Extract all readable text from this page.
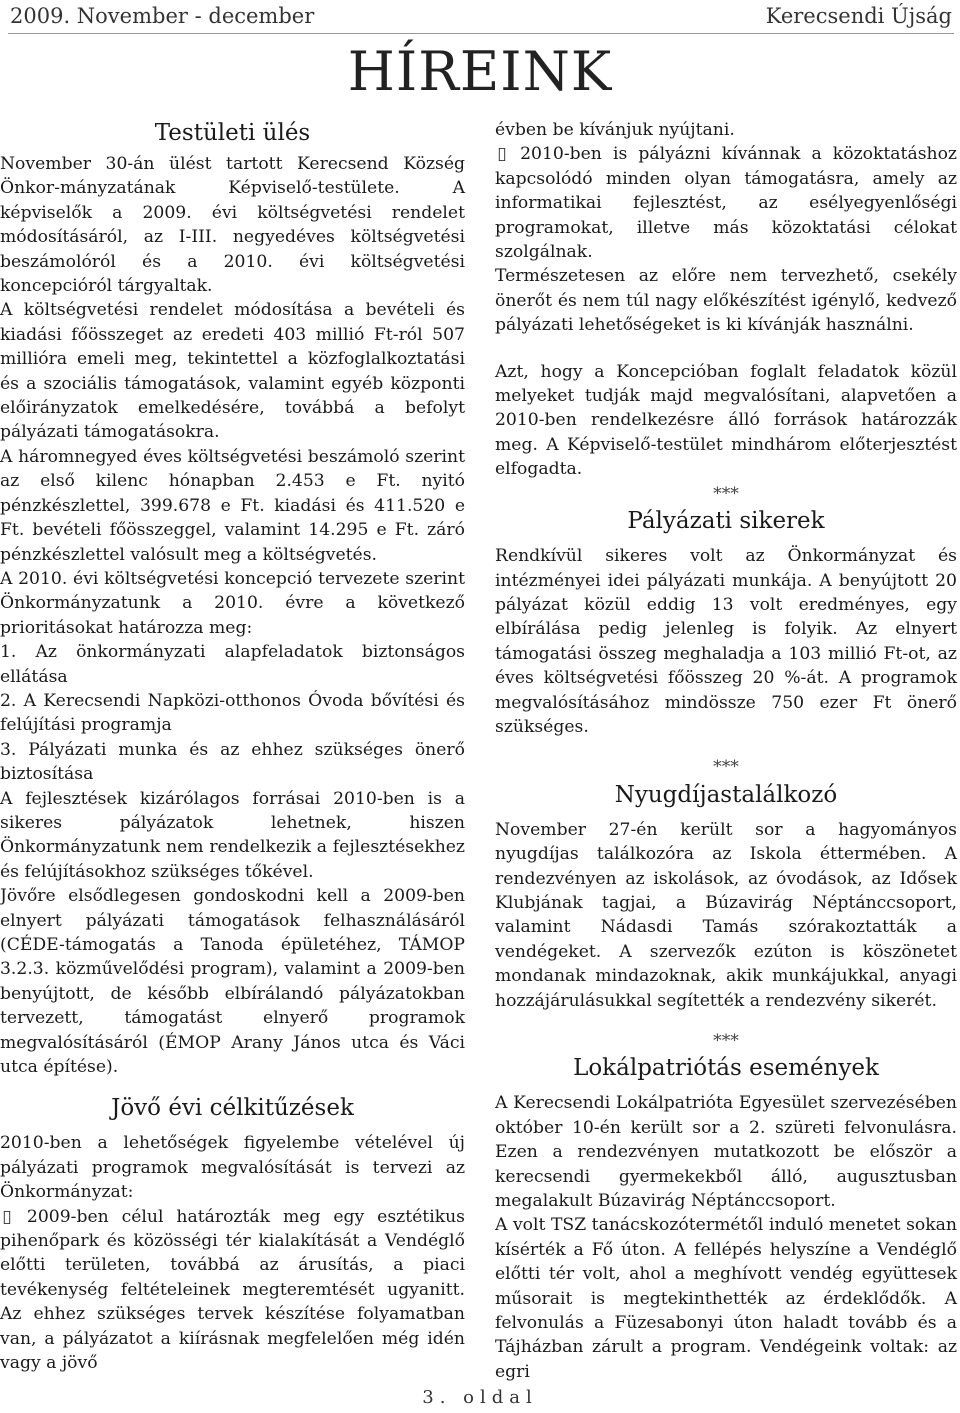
2009. November - december	Kerecsendi Újság
HÍREINK
Testületi ülés

November 30-án ülést tartott Kerecsend Község Önkor-mányzatának Képviselő-testülete. A képviselők a 2009. évi költségvetési rendelet módosításáról, az I-III. negyedéves költségvetési beszámolóról és a 2010. évi költségvetési koncepcióról tárgyaltak.

A költségvetési rendelet módosítása a bevételi és kiadási főösszeget az eredeti 403 millió Ft-ról 507 millióra emeli meg, tekintettel a közfoglalkoztatási és a szociális támogatások, valamint egyéb központi előirányzatok emelkedésére, továbbá a befolyt pályázati támogatásokra.

A háromnegyed éves költségvetési beszámoló szerint az első kilenc hónapban 2.453 e Ft. nyitó pénzkészlettel, 399.678 e Ft. kiadási és 411.520 e Ft. bevételi főösszeggel, valamint 14.295 e Ft. záró pénzkészlettel valósult meg a költségvetés.

A 2010. évi költségvetési koncepció tervezete szerint Önkormányzatunk a 2010. évre a következő prioritásokat határozza meg:

1. Az önkormányzati alapfeladatok biztonságos ellátása

2. A Kerecsendi Napközi-otthonos Óvoda bővítési és felújítási programja

3. Pályázati munka és az ehhez szükséges önerő biztosítása

A fejlesztések kizárólagos forrásai 2010-ben is a sikeres pályázatok lehetnek, hiszen Önkormányzatunk nem rendelkezik a fejlesztésekhez és felújításokhoz szükséges tőkével.

Jövőre elsődlegesen gondoskodni kell a 2009-ben elnyert pályázati támogatások felhasználásáról (CÉDE-támogatás a Tanoda épületéhez, TÁMOP 3.2.3. közművelődési program), valamint a 2009-ben benyújtott, de később elbírálandó pályázatokban tervezett, támogatást elnyerő programok megvalósításáról (ÉMOP Arany János utca és Váci utca építése).

Jövő évi célkitűzések

2010-ben a lehetőségek figyelembe vételével új pályázati programok megvalósítását is tervezi az Önkormányzat:

▯ 2009-ben célul határozták meg egy esztétikus pihenőpark és közösségi tér kialakítását a Vendéglő előtti területen, továbbá az árusítás, a piaci tevékenység feltételeinek megteremtését ugyanitt. Az ehhez szükséges tervek készítése folyamatban van, a pályázatot a kiírásnak megfelelően még idén vagy a jövő

évben be kívánjuk nyújtani.

▯ 2010-ben is pályázni kívánnak a közoktatáshoz kapcsolódó minden olyan támogatásra, amely az informatikai fejlesztést, az esélyegyenlőségi programokat, illetve más közoktatási célokat szolgálnak.

Természetesen az előre nem tervezhető, csekély önerőt és nem túl nagy előkészítést igénylő, kedvező pályázati lehetőségeket is ki kívánják használni.

Azt, hogy a Koncepcióban foglalt feladatok közül melyeket tudják majd megvalósítani, alapvetően a 2010-ben rendelkezésre álló források határozzák meg. A Képviselő-testület mindhárom előterjesztést elfogadta.

***

Pályázati sikerek

Rendkívül sikeres volt az Önkormányzat és intézményei idei pályázati munkája. A benyújtott 20 pályázat közül eddig 13 volt eredményes, egy elbírálása pedig jelenleg is folyik. Az elnyert támogatási összeg meghaladja a 103 millió Ft-ot, az éves költségvetési főösszeg 20 %-át. A programok megvalósításához mindössze 750 ezer Ft önerő szükséges.

***

Nyugdíjastalálkozó

November 27-én került sor a hagyományos nyugdíjas találkozóra az Iskola éttermében. A rendezvényen az iskolások, az óvodások, az Idősek Klubjának tagjai, a Búzavirág Néptánccsoport, valamint Nádasdi Tamás szórakoztatták a vendégeket. A szervezők ezúton is köszönetet mondanak mindazoknak, akik munkájukkal, anyagi hozzájárulásukkal segítették a rendezvény sikerét.

***

Lokálpatriótás események

A Kerecsendi Lokálpatrióta Egyesület szervezésében október 10-én került sor a 2. szüreti felvonulásra. Ezen a rendezvényen mutatkozott be először a kerecsendi gyermekekből álló, augusztusban megalakult Búzavirág Néptánccsoport.

A volt TSZ tanácskozótermétől induló menetet sokan kísérték a Fő úton. A fellépés helyszíne a Vendéglő előtti tér volt, ahol a meghívott vendég együttesek műsorait is megtekinthették az érdeklődők. A felvonulás a Füzesabonyi úton haladt tovább és a Tájházban zárult a program. Vendégeink voltak: az egri

3. oldal
